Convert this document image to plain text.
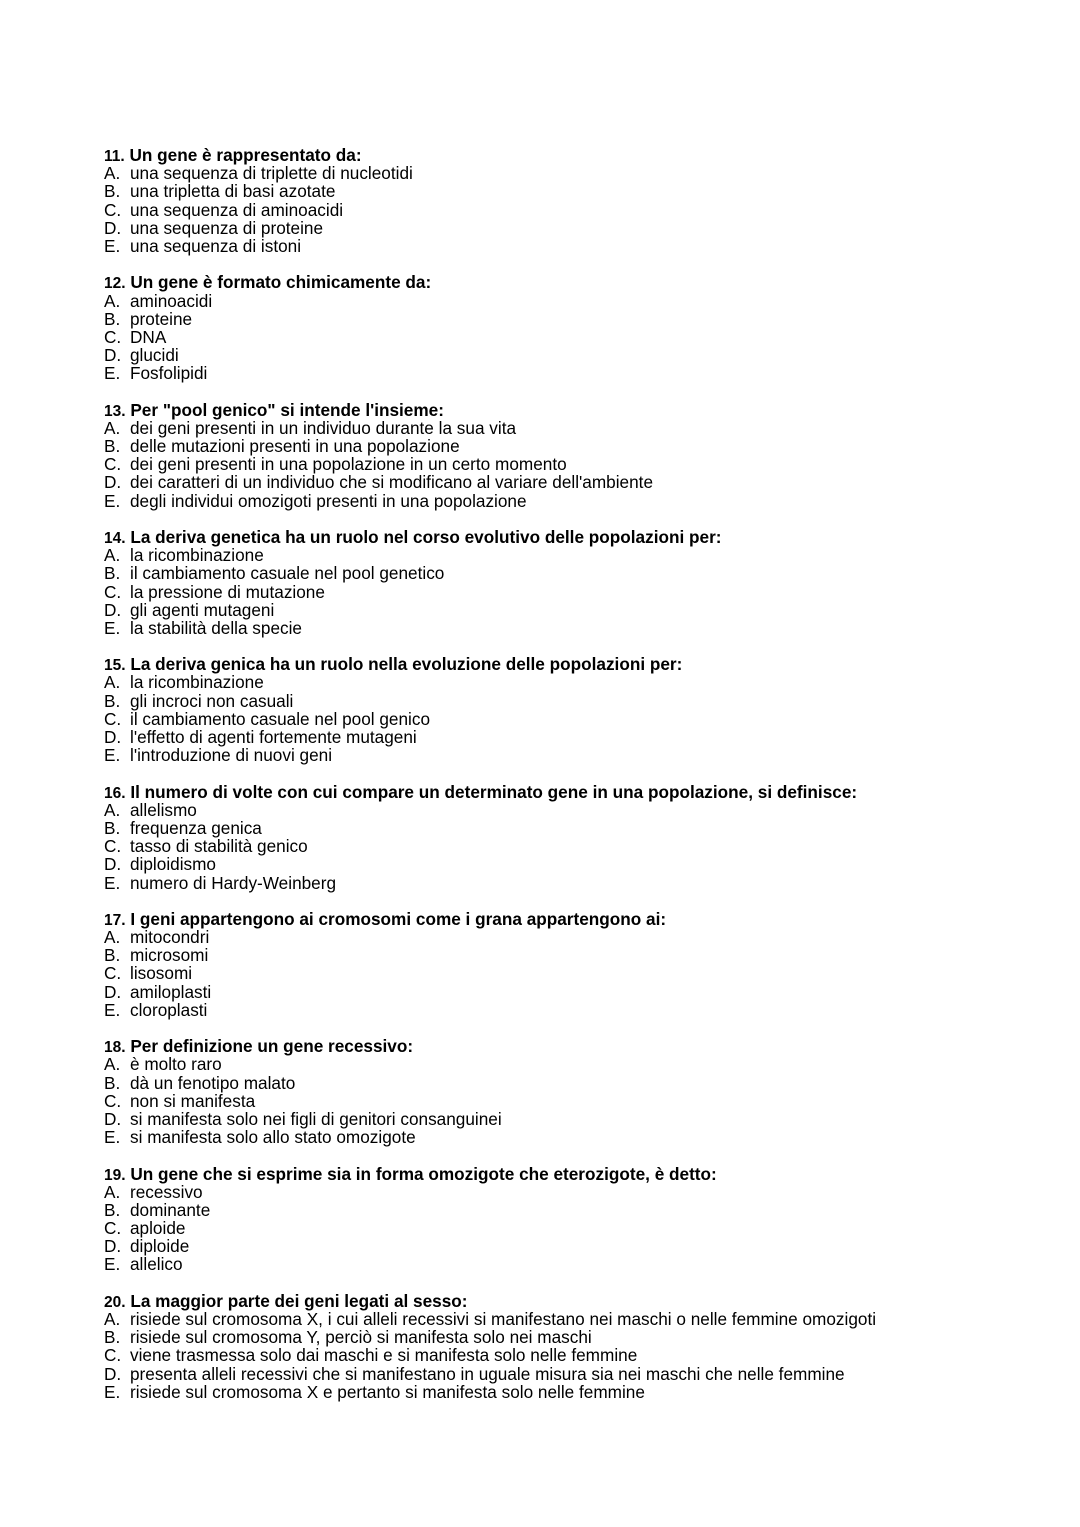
11. Un gene è rappresentato da:
A. una sequenza di triplette di nucleotidi
B. una tripletta di basi azotate
C. una sequenza di aminoacidi
D. una sequenza di proteine
E. una sequenza di istoni
12. Un gene è formato chimicamente da:
A. aminoacidi
B. proteine
C. DNA
D. glucidi
E. Fosfolipidi
13. Per "pool genico" si intende l'insieme:
A. dei geni presenti in un individuo durante la sua vita
B. delle mutazioni presenti in una popolazione
C. dei geni presenti in una popolazione in un certo momento
D. dei caratteri di un individuo che si modificano al variare dell'ambiente
E. degli individui omozigoti presenti in una popolazione
14. La deriva genetica ha un ruolo nel corso evolutivo delle popolazioni per:
A. la ricombinazione
B. il cambiamento casuale nel pool genetico
C. la pressione di mutazione
D. gli agenti mutageni
E. la stabilità della specie
15. La deriva genica ha un ruolo nella evoluzione delle popolazioni per:
A. la ricombinazione
B. gli incroci non casuali
C. il cambiamento casuale nel pool genico
D. l'effetto di agenti fortemente mutageni
E. l'introduzione di nuovi geni
16. Il numero di volte con cui compare un determinato gene in una popolazione, si definisce:
A. allelismo
B. frequenza genica
C. tasso di stabilità genico
D. diploidismo
E. numero di Hardy-Weinberg
17. I geni appartengono ai cromosomi come i grana appartengono ai:
A. mitocondri
B. microsomi
C. lisosomi
D. amiloplasti
E. cloroplasti
18. Per definizione un gene recessivo:
A. è molto raro
B. dà un fenotipo malato
C. non si manifesta
D. si manifesta solo nei figli di genitori consanguinei
E. si manifesta solo allo stato omozigote
19. Un gene che si esprime sia in forma omozigote che eterozigote, è detto:
A. recessivo
B. dominante
C. aploide
D. diploide
E. allelico
20. La maggior parte dei geni legati al sesso:
A. risiede sul cromosoma X, i cui alleli recessivi si manifestano nei maschi o nelle femmine omozigoti
B. risiede sul cromosoma Y, perciò si manifesta solo nei maschi
C. viene trasmessa solo dai maschi e si manifesta solo nelle femmine
D. presenta alleli recessivi che si manifestano in uguale misura sia nei maschi che nelle femmine
E. risiede sul cromosoma X e pertanto si manifesta solo nelle femmine
